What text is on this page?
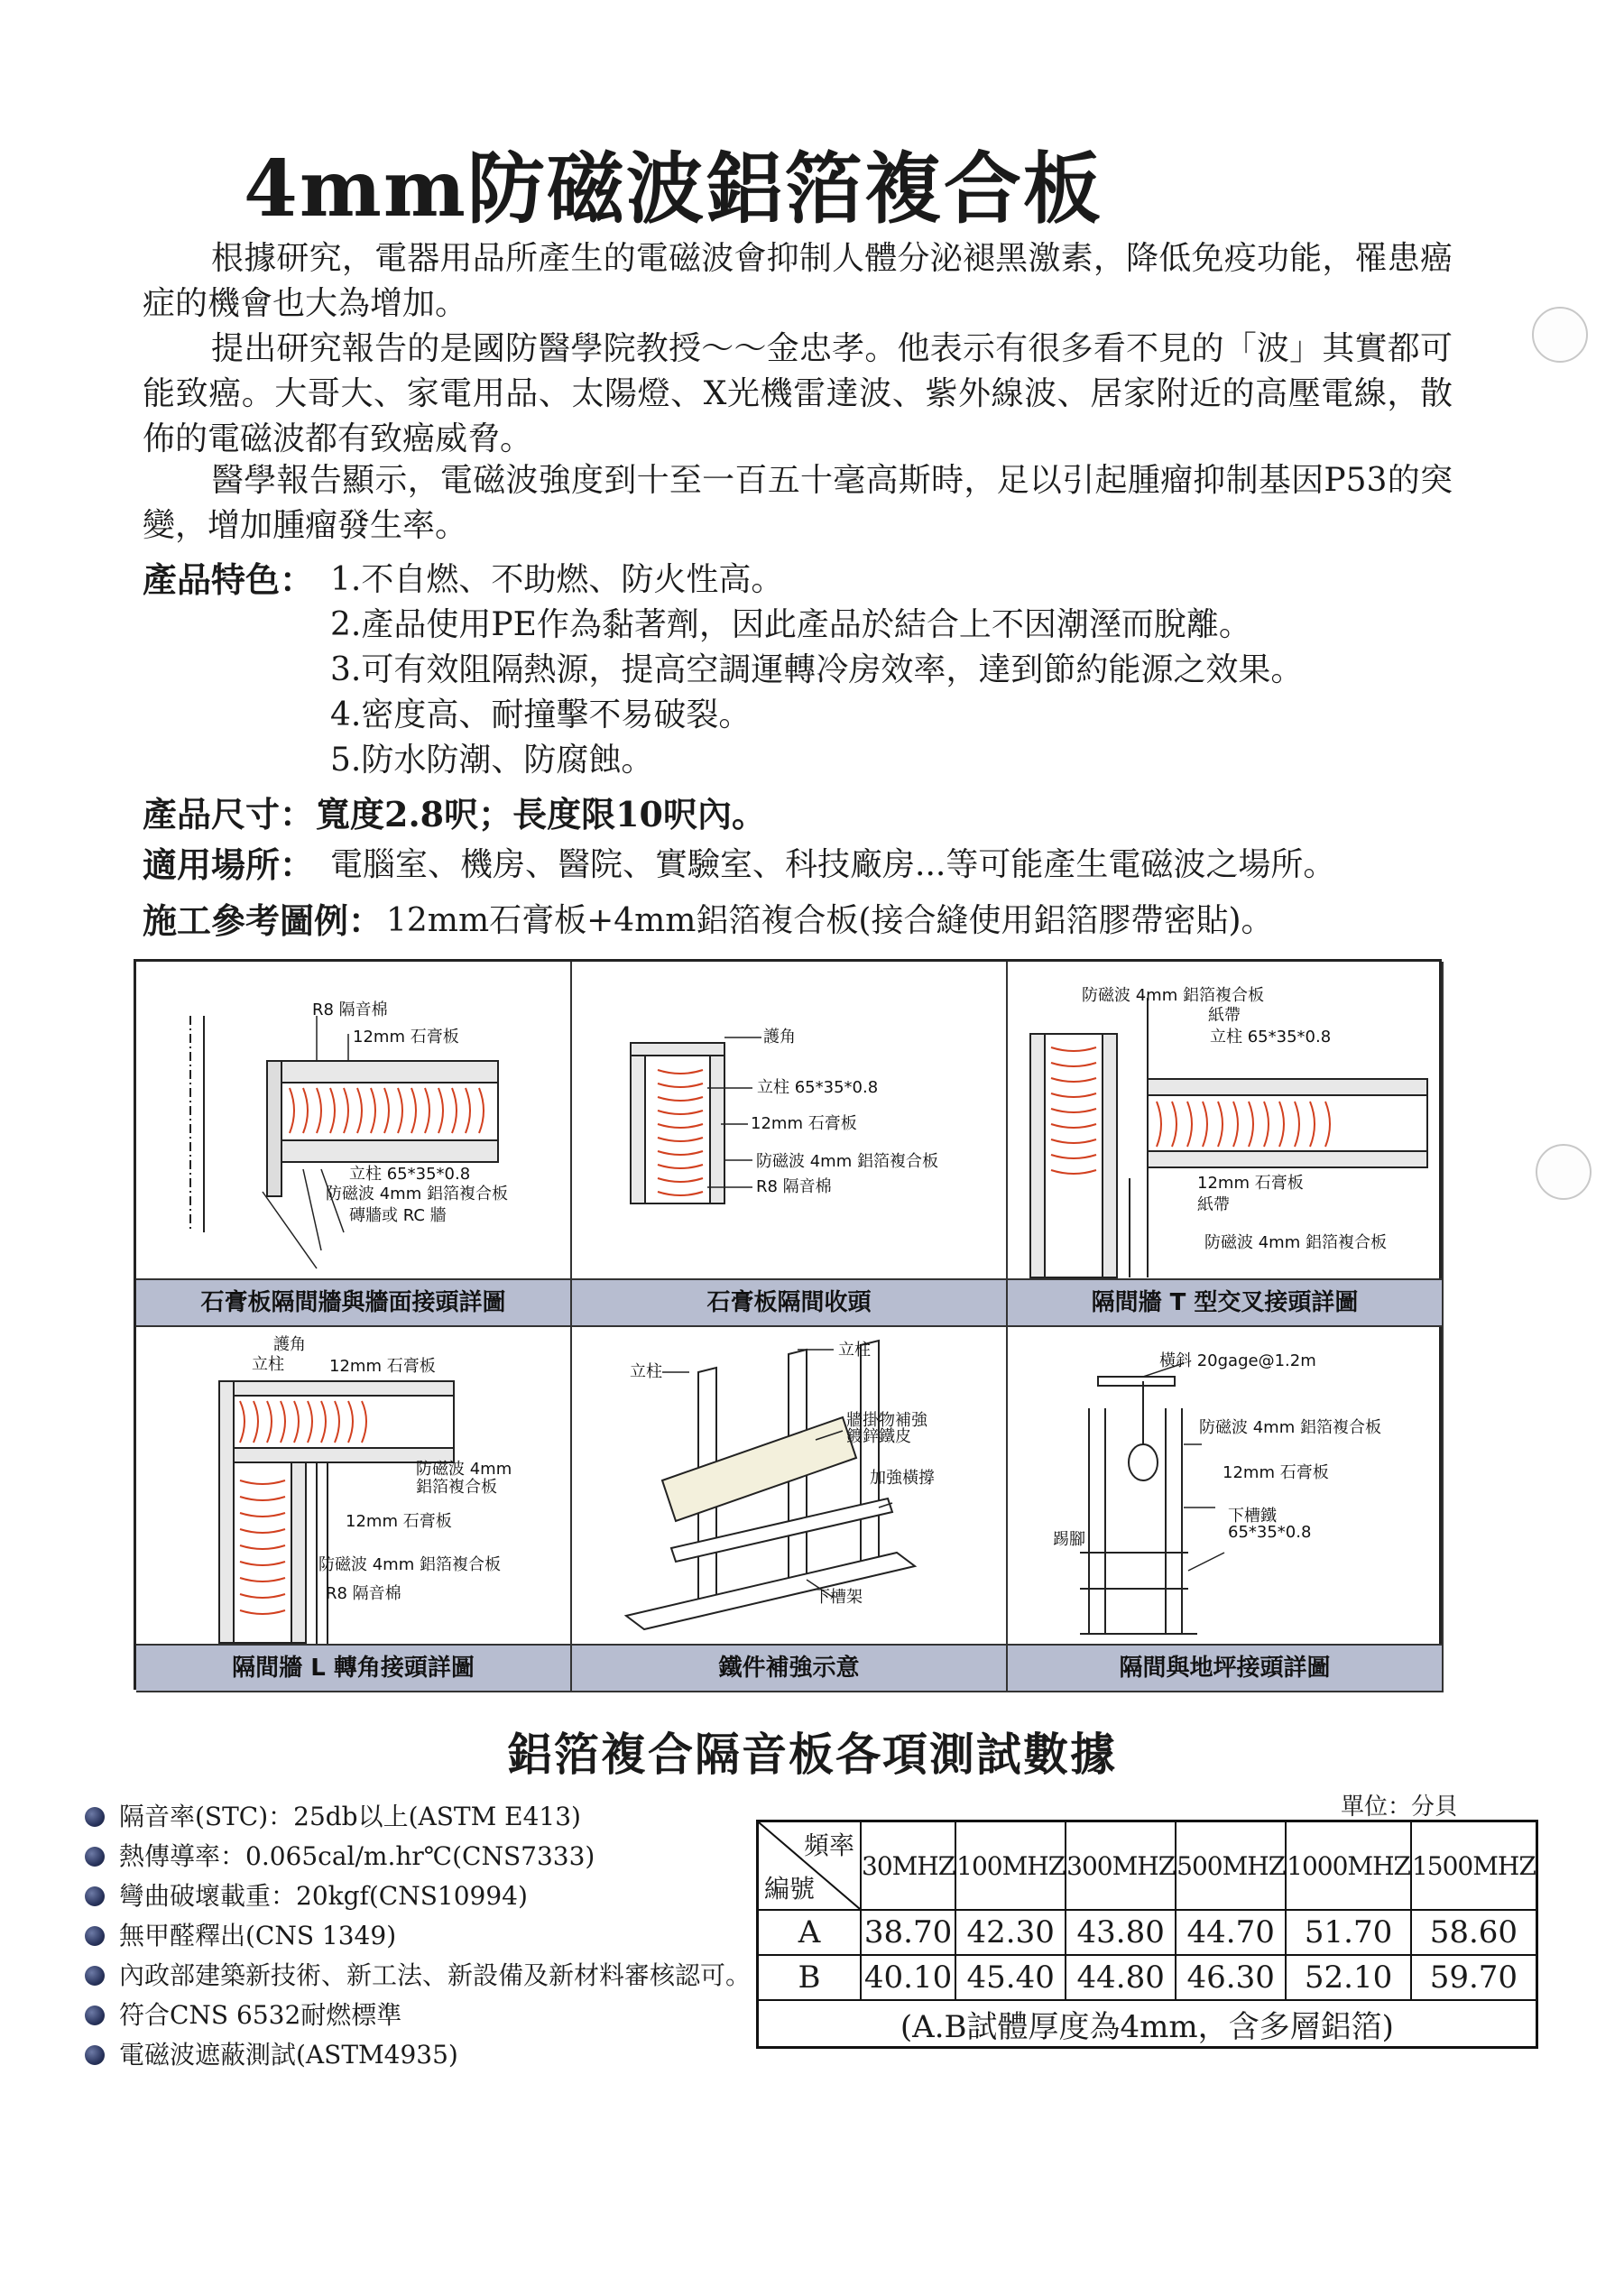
4mm防磁波鋁箔複合板
根據研究，電器用品所產生的電磁波會抑制人體分泌褪黑激素，降低免疫功能，罹患癌症的機會也大為增加。
提出研究報告的是國防醫學院教授～～金忠孝。他表示有很多看不見的「波」其實都可能致癌。大哥大、家電用品、太陽燈、X光機雷達波、紫外線波、居家附近的高壓電線，散佈的電磁波都有致癌威脅。
醫學報告顯示，電磁波強度到十至一百五十毫高斯時，足以引起腫瘤抑制基因P53的突變，增加腫瘤發生率。
產品特色： 1.不自燃、不助燃、防火性高。
2.產品使用PE作為黏著劑，因此產品於結合上不因潮溼而脫離。
3.可有效阻隔熱源，提高空調運轉冷房效率，達到節約能源之效果。
4.密度高、耐撞擊不易破裂。
5.防水防潮、防腐蝕。
產品尺寸： 寬度2.8呎；長度限10呎內。
適用場所： 電腦室、機房、醫院、實驗室、科技廠房...等可能產生電磁波之場所。
施工參考圖例： 12mm石膏板+4mm鋁箔複合板(接合縫使用鋁箔膠帶密貼)。
R8 隔音棉
12mm 石膏板
立柱 65*35*0.8
防磁波 4mm 鋁箔複合板
磚牆或 RC 牆
石膏板隔間牆與牆面接頭詳圖
護角
立柱 65*35*0.8
12mm 石膏板
防磁波 4mm 鋁箔複合板
R8 隔音棉
石膏板隔間收頭
防磁波 4mm 鋁箔複合板
紙帶
立柱 65*35*0.8
12mm 石膏板
紙帶
防磁波 4mm 鋁箔複合板
隔間牆 T 型交叉接頭詳圖
護角
立柱	12mm 石膏板
防磁波 4mm
鋁箔複合板
12mm 石膏板
防磁波 4mm 鋁箔複合板
R8 隔音棉
隔間牆 L 轉角接頭詳圖
立柱
立柱
牆掛物補強
鍍鋅鐵皮
加強橫撐
下槽架
鐵件補強示意
橫斜 20gage@1.2m
防磁波 4mm 鋁箔複合板
12mm 石膏板
下槽鐵
65*35*0.8
踢腳
隔間與地坪接頭詳圖
鋁箔複合隔音板各項測試數據
隔音率(STC)：25db以上(ASTM E413)
熱傳導率：0.065cal/m.hr℃(CNS7333)
彎曲破壞載重：20kgf(CNS10994)
無甲醛釋出(CNS 1349)
內政部建築新技術、新工法、新設備及新材料審核認可。
符合CNS 6532耐燃標準
電磁波遮蔽測試(ASTM4935)
單位：分貝
頻率
編號	30MHZ	100MHZ	300MHZ	500MHZ	1000MHZ	1500MHZ
A	38.70	42.30	43.80	44.70	51.70	58.60
B	40.10	45.40	44.80	46.30	52.10	59.70
(A.B試體厚度為4mm，含多層鋁箔)						
